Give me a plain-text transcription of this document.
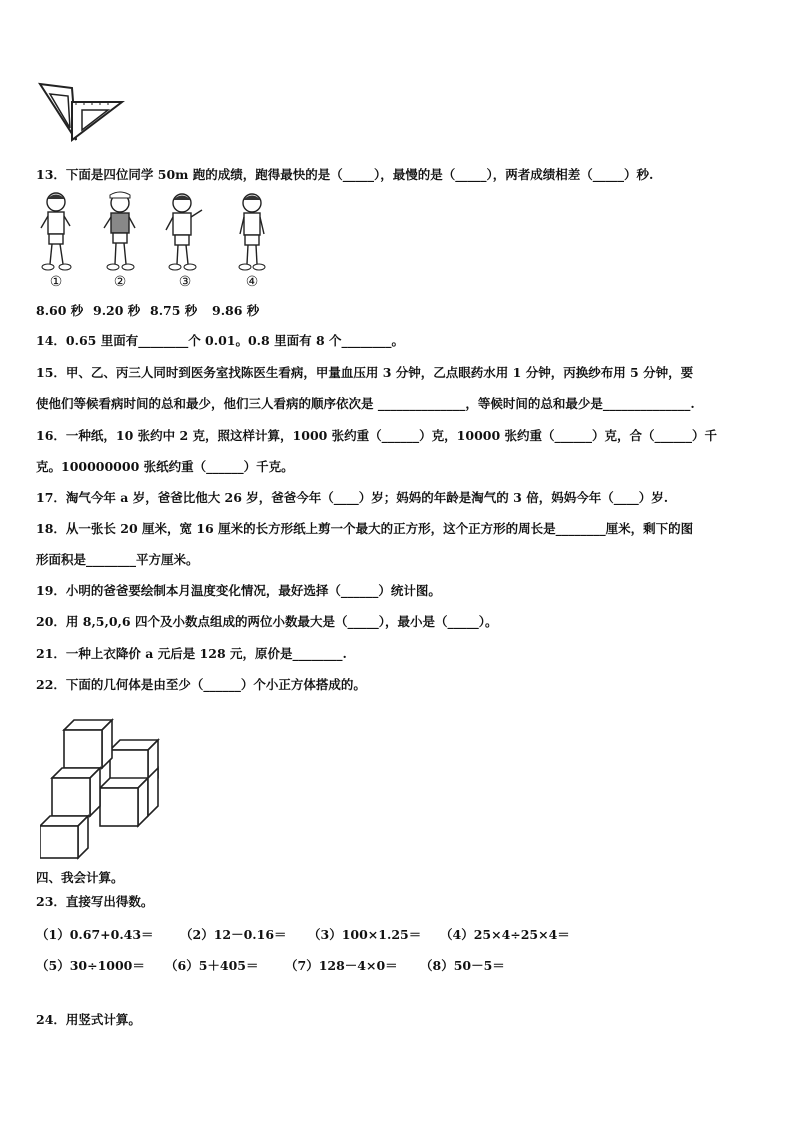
13．下面是四位同学 50m 跑的成绩，跑得最快的是（_____），最慢的是（_____），两者成绩相差（_____）秒.
①	②	③	④
8.60 秒 9.20 秒 8.75 秒 9.86 秒
14．0.65 里面有________个 0.01。0.8 里面有 8 个________。
15．甲、乙、丙三人同时到医务室找陈医生看病，甲量血压用 3 分钟，乙点眼药水用 1 分钟，丙换纱布用 5 分钟，要
使他们等候看病时间的总和最少，他们三人看病的顺序依次是 ______________，等候时间的总和最少是______________.
16．一种纸，10 张约中 2 克，照这样计算，1000 张约重（______）克，10000 张约重（______）克，合（______）千
克。100000000 张纸约重（______）千克。
17．淘气今年 a 岁，爸爸比他大 26 岁，爸爸今年（____）岁；妈妈的年龄是淘气的 3 倍，妈妈今年（____）岁.
18．从一张长 20 厘米，宽 16 厘米的长方形纸上剪一个最大的正方形，这个正方形的周长是________厘米，剩下的图
形面积是________平方厘米。
19．小明的爸爸要绘制本月温度变化情况，最好选择（______）统计图。
20．用 8,5,0,6 四个及小数点组成的两位小数最大是（_____），最小是（_____）。
21．一种上衣降价 a 元后是 128 元，原价是________.
22．下面的几何体是由至少（______）个小正方体搭成的。
四、我会计算。
23．直接写出得数。
（1）0.67+0.43＝ （2）12－0.16＝ （3）100×1.25＝ （4）25×4÷25×4＝
（5）30÷1000＝ （6）5＋405＝ （7）128－4×0＝ （8）50－5＝
24．用竖式计算。
